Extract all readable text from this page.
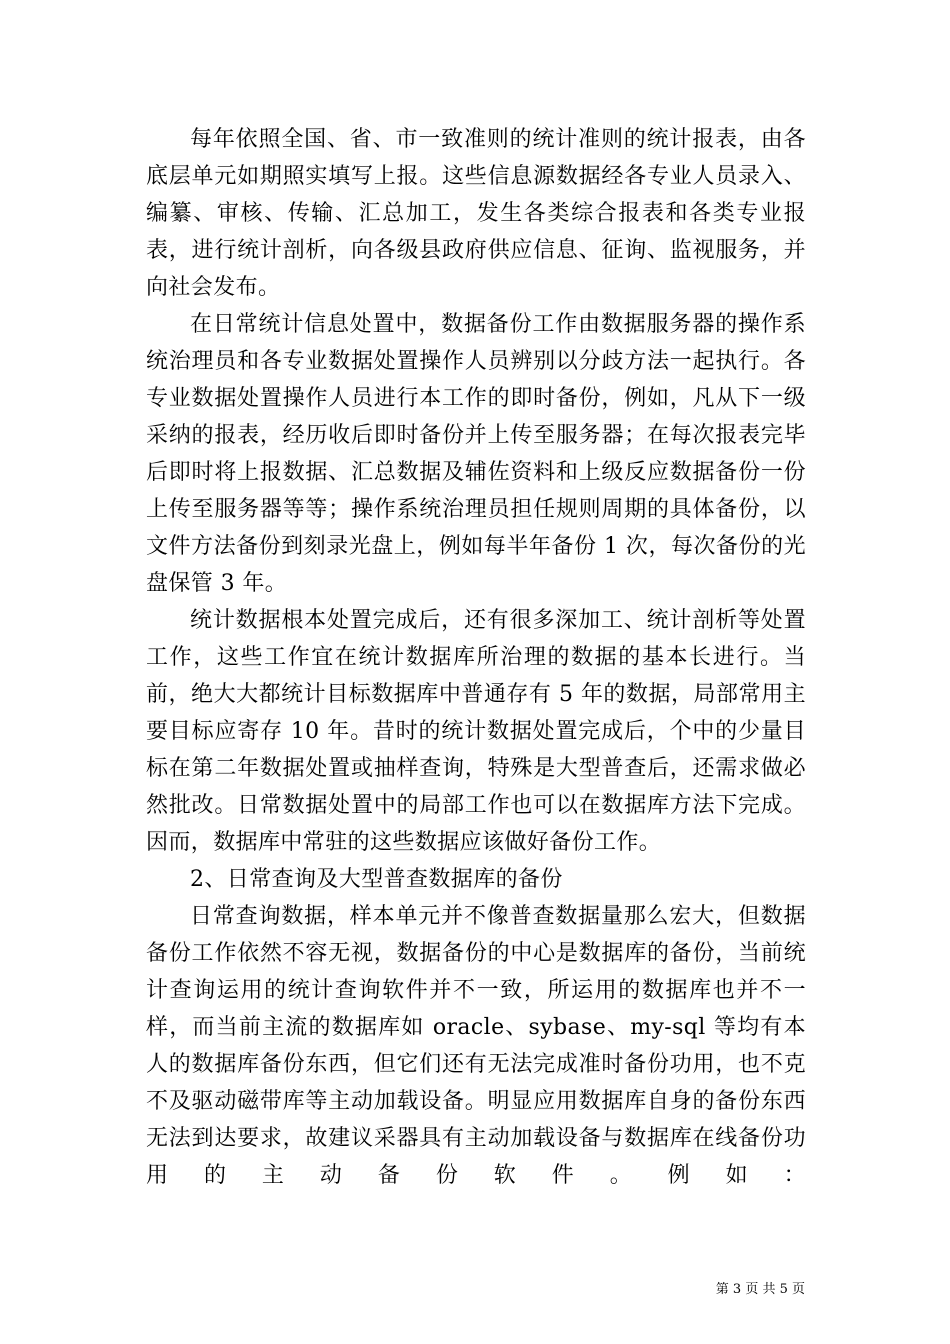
每年依照全国、省、市一致准则的统计准则的统计报表，由各底层单元如期照实填写上报。这些信息源数据经各专业人员录入、编纂、审核、传输、汇总加工，发生各类综合报表和各类专业报表，进行统计剖析，向各级县政府供应信息、征询、监视服务，并向社会发布。

在日常统计信息处置中，数据备份工作由数据服务器的操作系统治理员和各专业数据处置操作人员辨别以分歧方法一起执行。各专业数据处置操作人员进行本工作的即时备份，例如，凡从下一级采纳的报表，经历收后即时备份并上传至服务器；在每次报表完毕后即时将上报数据、汇总数据及辅佐资料和上级反应数据备份一份上传至服务器等等；操作系统治理员担任规则周期的具体备份，以文件方法备份到刻录光盘上，例如每半年备份 1 次，每次备份的光盘保管 3 年。

统计数据根本处置完成后，还有很多深加工、统计剖析等处置工作，这些工作宜在统计数据库所治理的数据的基本长进行。当前，绝大大都统计目标数据库中普通存有 5 年的数据，局部常用主要目标应寄存 10 年。昔时的统计数据处置完成后，个中的少量目标在第二年数据处置或抽样查询，特殊是大型普查后，还需求做必然批改。日常数据处置中的局部工作也可以在数据库方法下完成。因而，数据库中常驻的这些数据应该做好备份工作。

2、日常查询及大型普查数据库的备份

日常查询数据，样本单元并不像普查数据量那么宏大，但数据备份工作依然不容无视，数据备份的中心是数据库的备份，当前统计查询运用的统计查询软件并不一致，所运用的数据库也并不一样，而当前主流的数据库如 oracle、sybase、my-sql 等均有本人的数据库备份东西，但它们还有无法完成准时备份功用，也不克不及驱动磁带库等主动加载设备。明显应用数据库自身的备份东西无法到达要求，故建议采器具有主动加载设备与数据库在线备份功用的主动备份软件。例如：

第 3 页 共 5 页
